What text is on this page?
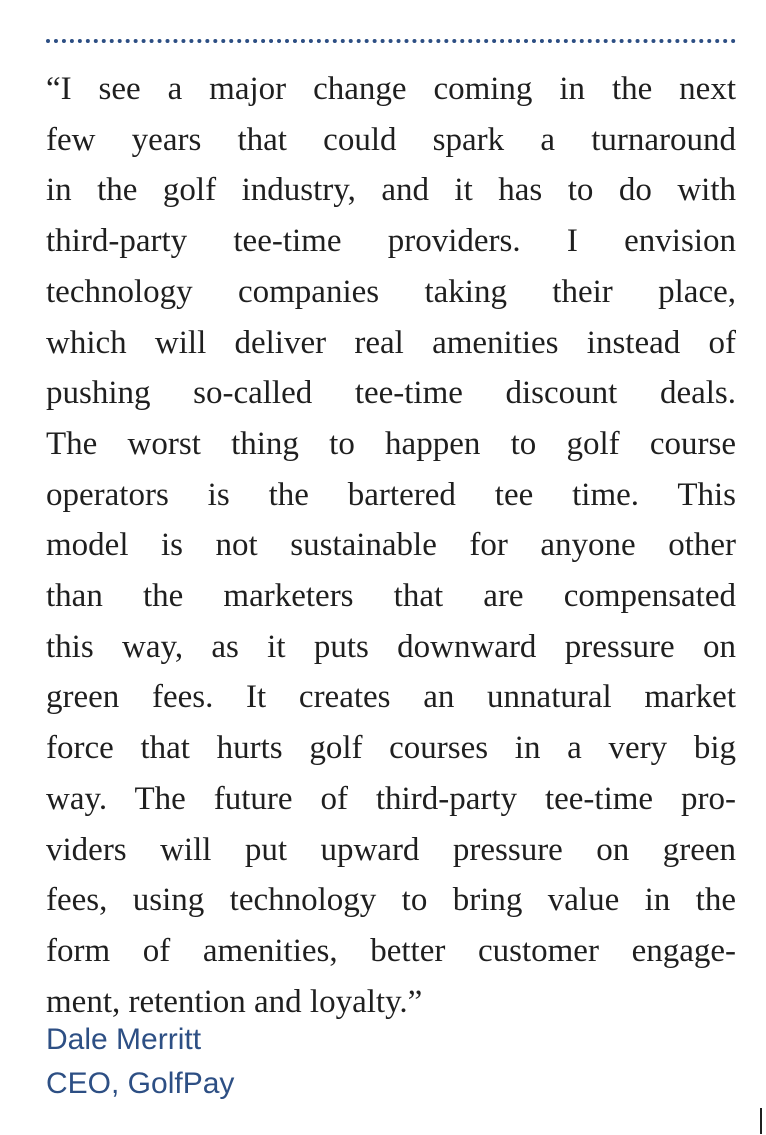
“I see a major change coming in the next
few years that could spark a turnaround
in the golf industry, and it has to do with
third-party tee-time providers. I envision
technology companies taking their place,
which will deliver real amenities instead of
pushing so-called tee-time discount deals.
The worst thing to happen to golf course
operators is the bartered tee time. This
model is not sustainable for anyone other
than the marketers that are compensated
this way, as it puts downward pressure on
green fees. It creates an unnatural market
force that hurts golf courses in a very big
way. The future of third-party tee-time pro-
viders will put upward pressure on green
fees, using technology to bring value in the
form of amenities, better customer engage-
ment, retention and loyalty.”
Dale Merritt
CEO, GolfPay
